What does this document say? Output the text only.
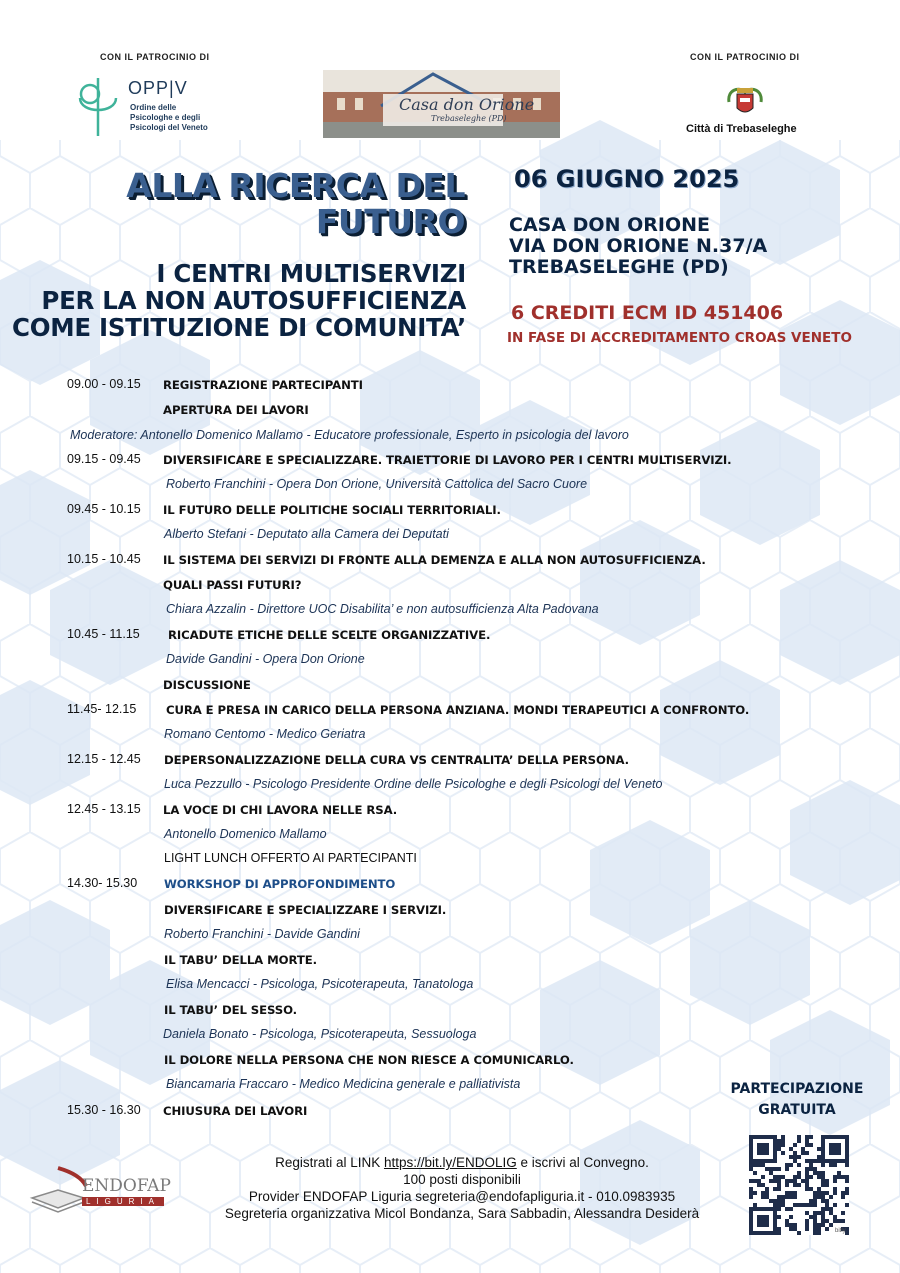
CON IL PATROCINIO DI
OPP|V
Ordine delle
Psicologhe e degli
Psicologi del Veneto
Casa don Orione
Trebaseleghe (PD)
CON IL PATROCINIO DI
Città di Trebaseleghe
ALLA RICERCA DEL
FUTURO
I CENTRI MULTISERVIZI
PER LA NON AUTOSUFFICIENZA
COME ISTITUZIONE DI COMUNITA’
06 GIUGNO 2025
CASA DON ORIONE
VIA DON ORIONE N.37/A
TREBASELEGHE (PD)
6 CREDITI ECM ID 451406
IN FASE DI ACCREDITAMENTO CROAS VENETO
09.00 - 09.15 REGISTRAZIONE PARTECIPANTI
APERTURA DEI LAVORI
Moderatore: Antonello Domenico Mallamo - Educatore professionale, Esperto in psicologia del lavoro
09.15 - 09.45 DIVERSIFICARE E SPECIALIZZARE. TRAIETTORIE DI LAVORO PER I CENTRI MULTISERVIZI.
Roberto Franchini - Opera Don Orione, Università Cattolica del Sacro Cuore
09.45 - 10.15 IL FUTURO DELLE POLITICHE SOCIALI TERRITORIALI.
Alberto Stefani - Deputato alla Camera dei Deputati
10.15 - 10.45 IL SISTEMA DEI SERVIZI DI FRONTE ALLA DEMENZA E ALLA NON AUTOSUFFICIENZA.
QUALI PASSI FUTURI?
Chiara Azzalin - Direttore UOC Disabilita’ e non autosufficienza Alta Padovana
10.45 - 11.15 RICADUTE ETICHE DELLE SCELTE ORGANIZZATIVE.
Davide Gandini - Opera Don Orione
DISCUSSIONE
11.45- 12.15	CURA E PRESA IN CARICO DELLA PERSONA ANZIANA. MONDI TERAPEUTICI A CONFRONTO.
Romano Centomo - Medico Geriatra
12.15 - 12.45 DEPERSONALIZZAZIONE DELLA CURA VS CENTRALITA’ DELLA PERSONA.
Luca Pezzullo - Psicologo Presidente Ordine delle Psicologhe e degli Psicologi del Veneto
12.45 - 13.15 LA VOCE DI CHI LAVORA NELLE RSA.
Antonello Domenico Mallamo
LIGHT LUNCH OFFERTO AI PARTECIPANTI
14.30- 15.30 WORKSHOP DI APPROFONDIMENTO
DIVERSIFICARE E SPECIALIZZARE I SERVIZI.
Roberto Franchini - Davide Gandini
IL TABU’ DELLA MORTE.
Elisa Mencacci - Psicologa, Psicoterapeuta, Tanatologa
IL TABU’ DEL SESSO.
Daniela Bonato - Psicologa, Psicoterapeuta, Sessuologa
IL DOLORE NELLA PERSONA CHE NON RIESCE A COMUNICARLO.
Biancamaria Fraccaro - Medico Medicina generale e palliativista
15.30 - 16.30 CHIUSURA DEI LAVORI
PARTECIPAZIONE
GRATUITA
Registrati al LINK https://bit.ly/ENDOLIG e iscrivi al Convegno.
100 posti disponibili
Provider ENDOFAP Liguria segreteria@endofapliguria.it - 010.0983935
Segreteria organizzativa Micol Bondanza, Sara Sabbadin, Alessandra Desiderà
ENDOFAP
LIGURIA
bitly
